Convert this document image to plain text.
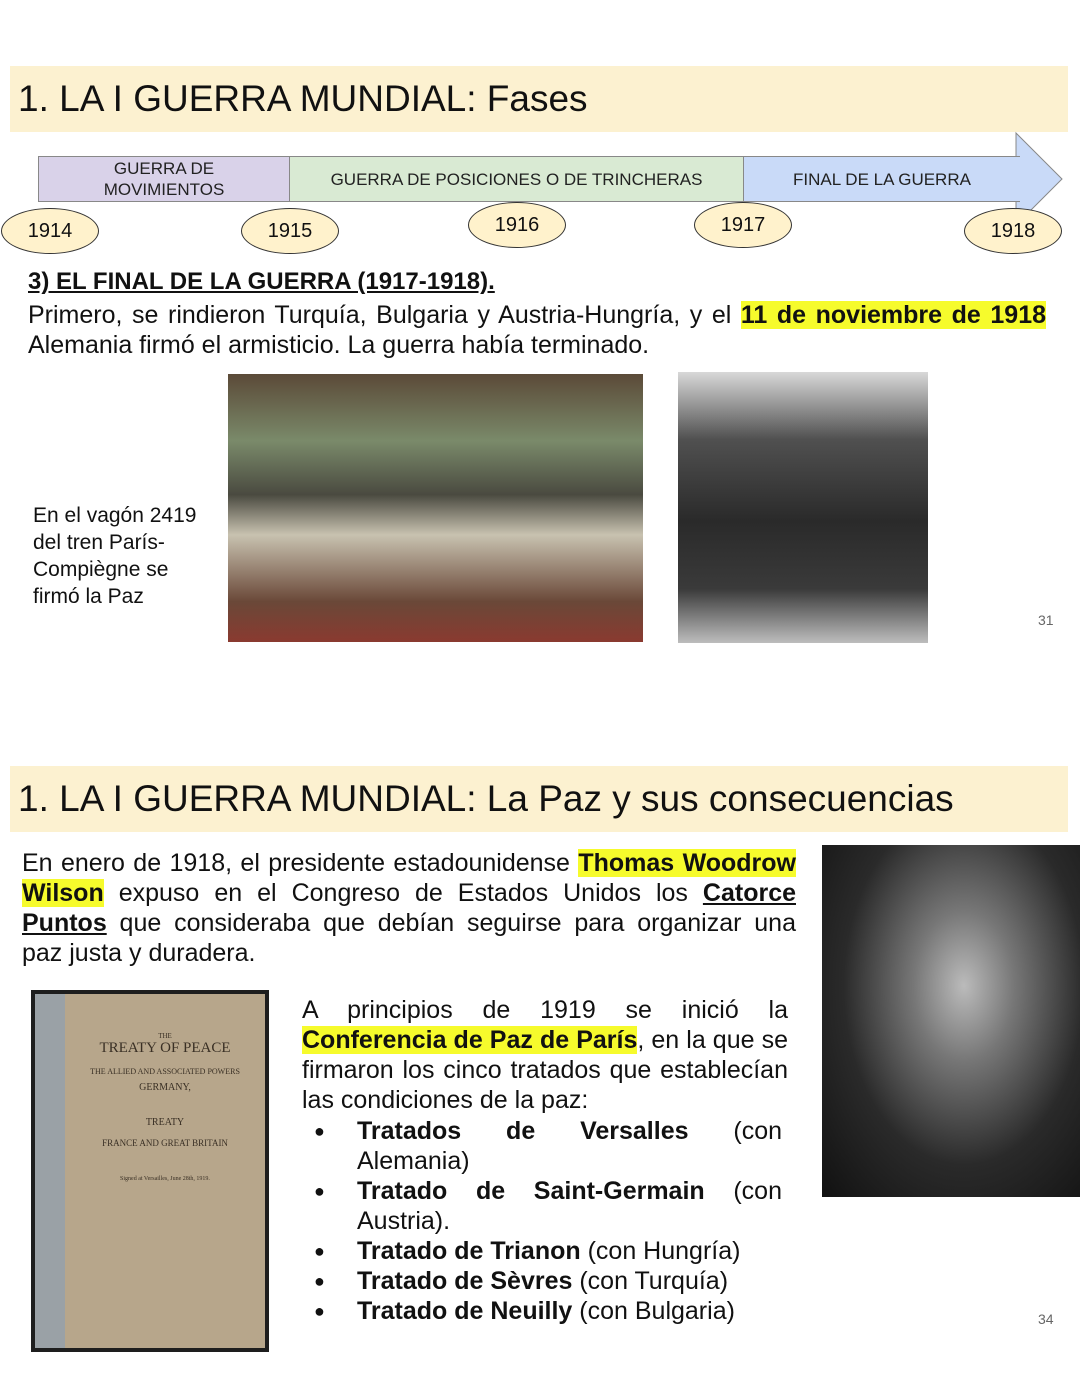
1. LA I GUERRA MUNDIAL: Fases
GUERRA DE MOVIMIENTOS
GUERRA DE POSICIONES O DE TRINCHERAS	FINAL DE LA GUERRA
1914	1915	1916	1917	1918
3) EL FINAL DE LA GUERRA (1917-1918).
Primero, se rindieron Turquía, Bulgaria y Austria-Hungría, y el 11 de noviembre de 1918 Alemania firmó el armisticio. La guerra había terminado.
En el vagón 2419 del tren París-Compiègne se firmó la Paz
31
1. LA I GUERRA MUNDIAL: La Paz y sus consecuencias
En enero de 1918, el presidente estadounidense Thomas Woodrow Wilson expuso en el Congreso de Estados Unidos los Catorce Puntos que consideraba que debían seguirse para organizar una paz justa y duradera.
THE
TREATY OF PEACE
THE ALLIED AND ASSOCIATED POWERS
GERMANY,
TREATY
FRANCE AND GREAT BRITAIN
Signed at Versailles, June 28th, 1919.
A principios de 1919 se inició la Conferencia de Paz de París, en la que se firmaron los cinco tratados que establecían las condiciones de la paz:
● Tratados de Versalles (con Alemania)
● Tratado de Saint-Germain (con Austria).
● Tratado de Trianon (con Hungría)
● Tratado de Sèvres (con Turquía)
● Tratado de Neuilly (con Bulgaria)	34
